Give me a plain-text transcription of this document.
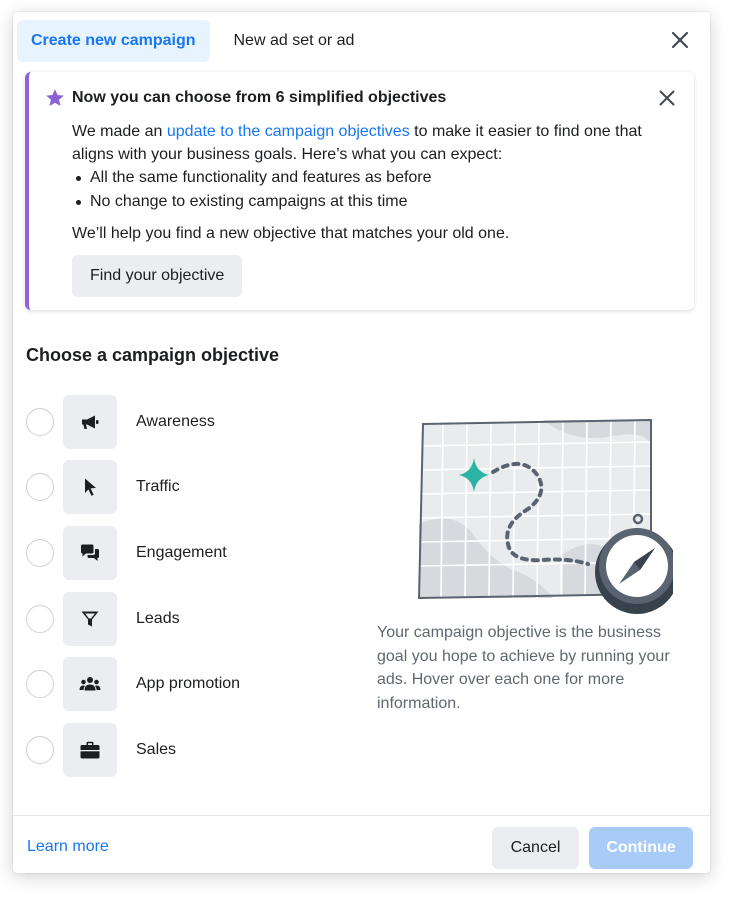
Create new campaign	New ad set or ad
Now you can choose from 6 simplified objectives
We made an update to the campaign objectives to make it easier to find one that aligns with your business goals. Here’s what you can expect:
All the same functionality and features as before
No change to existing campaigns at this time
We’ll help you find a new objective that matches your old one.
Find your objective
Choose a campaign objective
Awareness
Traffic
Engagement
Leads
App promotion
Sales
Your campaign objective is the business goal you hope to achieve by running your ads. Hover over each one for more information.
Learn more	Cancel	Continue
